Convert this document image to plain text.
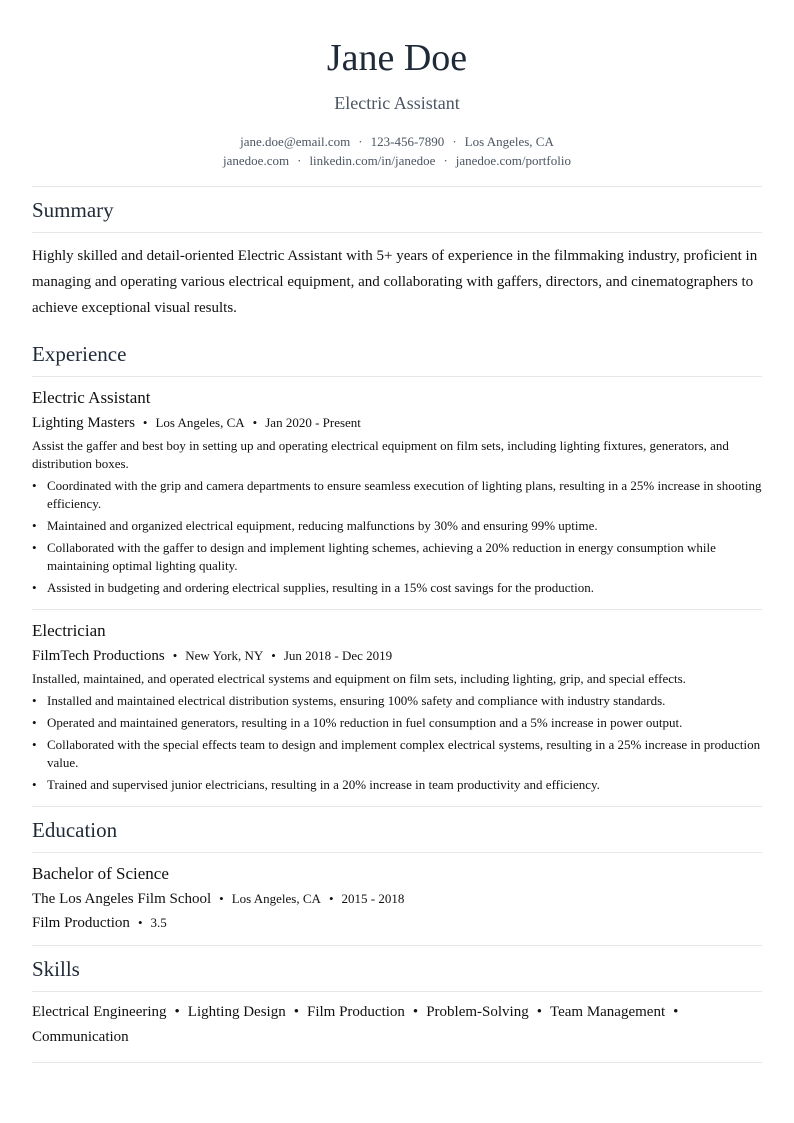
Jane Doe
Electric Assistant
jane.doe@email.com · 123-456-7890 · Los Angeles, CA
janedoe.com · linkedin.com/in/janedoe · janedoe.com/portfolio
Summary

Highly skilled and detail-oriented Electric Assistant with 5+ years of experience in the filmmaking industry, proficient in managing and operating various electrical equipment, and collaborating with gaffers, directors, and cinematographers to achieve exceptional visual results.

Experience
Electric Assistant
Lighting Masters • Los Angeles, CA • Jan 2020 - Present
Assist the gaffer and best boy in setting up and operating electrical equipment on film sets, including lighting fixtures, generators, and distribution boxes.
• Coordinated with the grip and camera departments to ensure seamless execution of lighting plans, resulting in a 25% increase in shooting efficiency.
• Maintained and organized electrical equipment, reducing malfunctions by 30% and ensuring 99% uptime.
• Collaborated with the gaffer to design and implement lighting schemes, achieving a 20% reduction in energy consumption while maintaining optimal lighting quality.
• Assisted in budgeting and ordering electrical supplies, resulting in a 15% cost savings for the production.
Electrician
FilmTech Productions • New York, NY • Jun 2018 - Dec 2019
Installed, maintained, and operated electrical systems and equipment on film sets, including lighting, grip, and special effects.
• Installed and maintained electrical distribution systems, ensuring 100% safety and compliance with industry standards.
• Operated and maintained generators, resulting in a 10% reduction in fuel consumption and a 5% increase in power output.
• Collaborated with the special effects team to design and implement complex electrical systems, resulting in a 25% increase in production value.
• Trained and supervised junior electricians, resulting in a 20% increase in team productivity and efficiency.
Education
Bachelor of Science
The Los Angeles Film School • Los Angeles, CA • 2015 - 2018
Film Production • 3.5
Skills
Electrical Engineering • Lighting Design • Film Production • Problem-Solving • Team Management •
Communication
